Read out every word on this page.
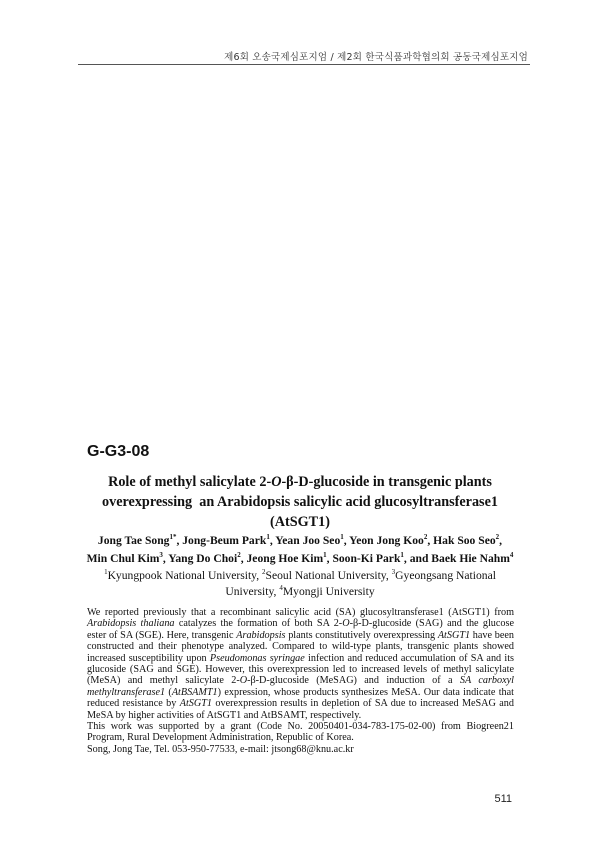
제6회 오송국제심포지엄 / 제2회 한국식품과학협의회 공동국제심포지엄
G-G3-08
Role of methyl salicylate 2-O-β-D-glucoside in transgenic plants
overexpressing  an Arabidopsis salicylic acid glucosyltransferase1
(AtSGT1)
Jong Tae Song$^{1*}$, Jong-Beum Park$^1$, Yean Joo Seo$^1$, Yeon Jong Koo$^2$, Hak Soo Seo$^2$,
Min Chul Kim$^3$, Yang Do Choi$^2$, Jeong Hoe Kim$^1$, Soon-Ki Park$^1$, and Baek Hie Nahm$^4$
$^1$Kyungpook National University, $^2$Seoul National University, $^3$Gyeongsang National University, $^4$Myongji University

We reported previously that a recombinant salicylic acid (SA) glucosyltransferase1 (AtSGT1) from Arabidopsis thaliana catalyzes the formation of both SA 2-O-β-D-glucoside (SAG) and the glucose ester of SA (SGE). Here, transgenic Arabidopsis plants constitutively overexpressing AtSGT1 have been constructed and their phenotype analyzed. Compared to wild-type plants, transgenic plants showed increased susceptibility upon Pseudomonas syringae infection and reduced accumulation of SA and its glucoside (SAG and SGE). However, this overexpression led to increased levels of methyl salicylate (MeSA) and methyl salicylate 2-O-β-D-glucoside (MeSAG) and induction of a SA carboxyl methyltransferase1 (AtBSAMT1) expression, whose products synthesizes MeSA. Our data indicate that reduced resistance by AtSGT1 overexpression results in depletion of SA due to increased MeSAG and MeSA by higher activities of AtSGT1 and AtBSAMT, respectively.

This work was supported by a grant (Code No. 20050401-034-783-175-02-00) from Biogreen21 Program, Rural Development Administration, Republic of Korea.

Song, Jong Tae, Tel. 053-950-77533, e-mail: jtsong68@knu.ac.kr

511
